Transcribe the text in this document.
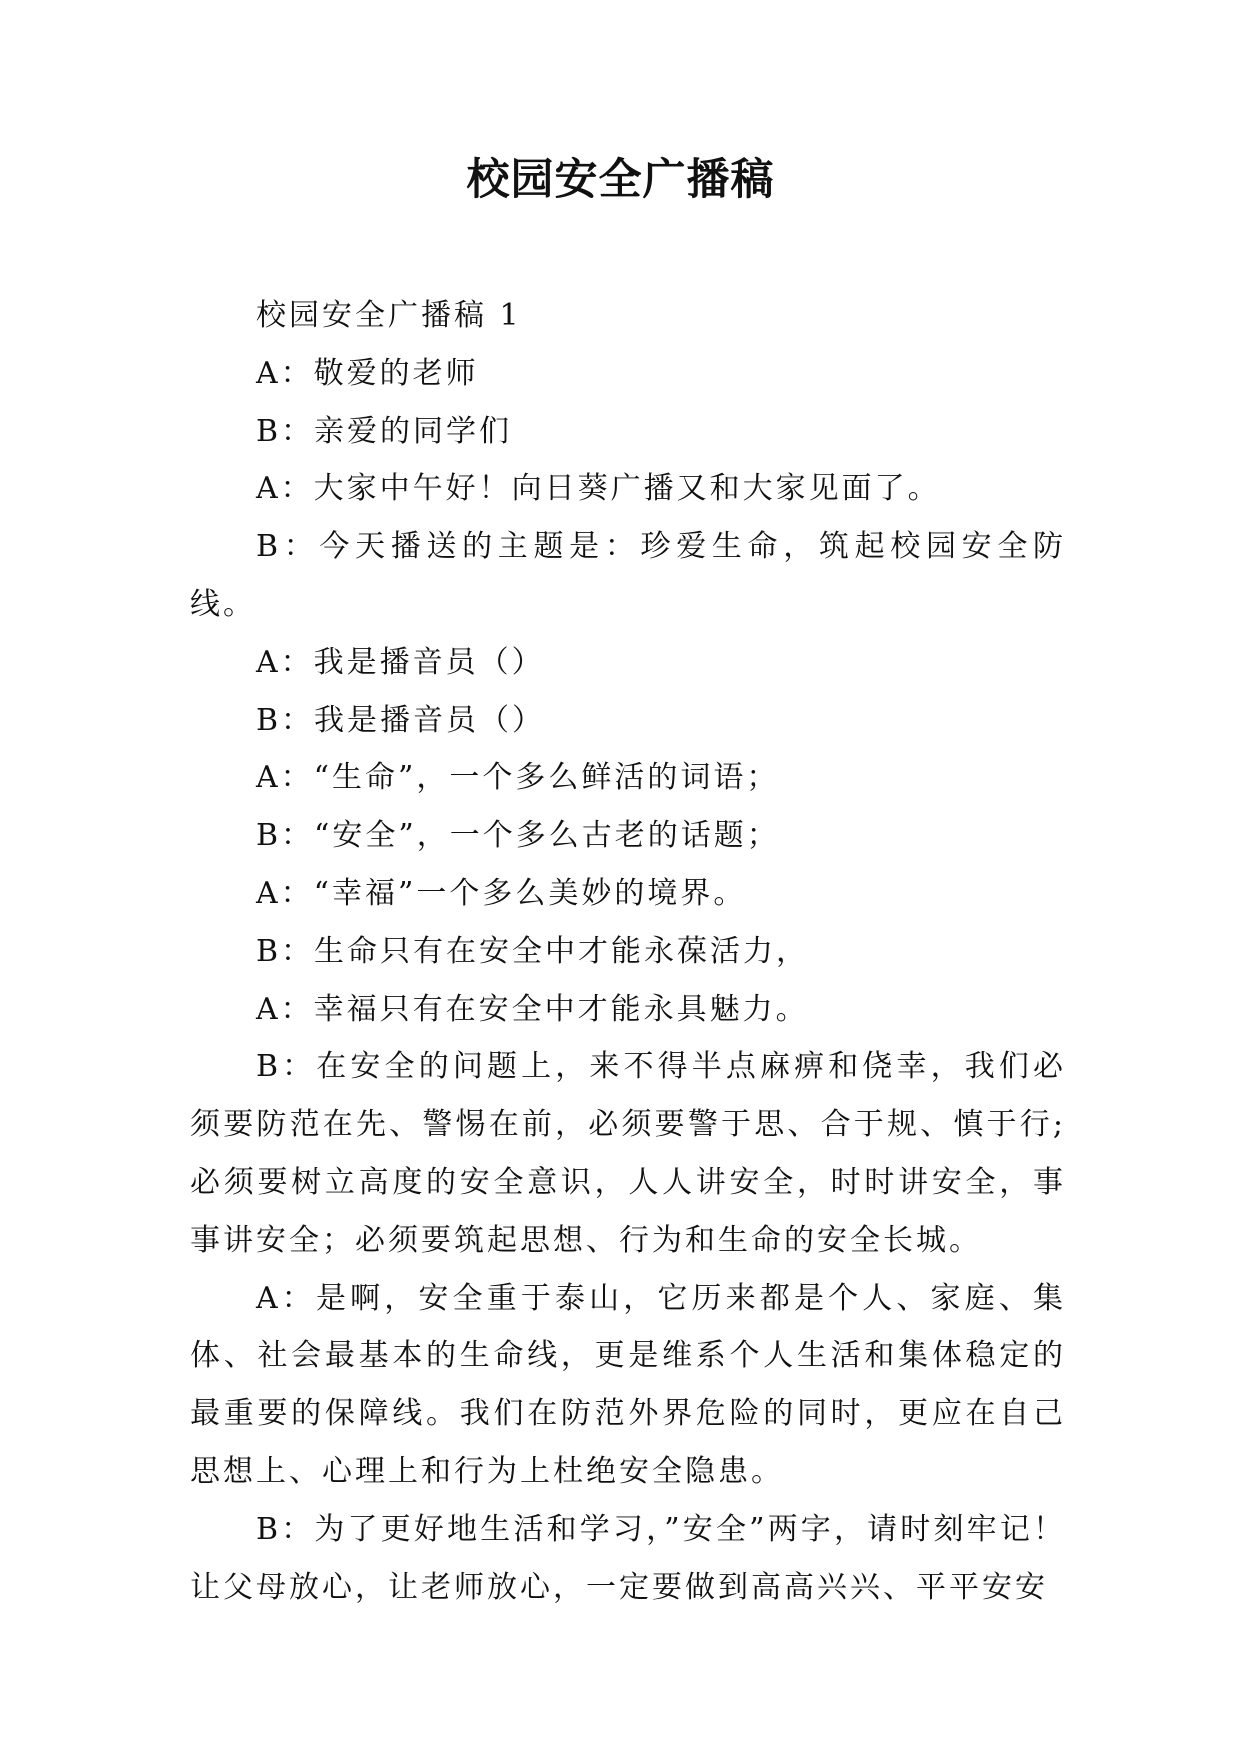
校园安全广播稿

校园安全广播稿 1

A：敬爱的老师

B：亲爱的同学们

A：大家中午好！向日葵广播又和大家见面了。

B：今天播送的主题是：珍爱生命，筑起校园安全防线。

A：我是播音员（）

B：我是播音员（）

A：“生命”，一个多么鲜活的词语；

B：“安全”，一个多么古老的话题；

A：“幸福”一个多么美妙的境界。

B：生命只有在安全中才能永葆活力，

A：幸福只有在安全中才能永具魅力。

B：在安全的问题上，来不得半点麻痹和侥幸，我们必须要防范在先、警惕在前，必须要警于思、合于规、慎于行;必须要树立高度的安全意识，人人讲安全，时时讲安全，事事讲安全；必须要筑起思想、行为和生命的安全长城。

A：是啊，安全重于泰山，它历来都是个人、家庭、集体、社会最基本的生命线，更是维系个人生活和集体稳定的最重要的保障线。我们在防范外界危险的同时，更应在自己思想上、心理上和行为上杜绝安全隐患。

B：为了更好地生活和学习，”安全”两字，请时刻牢记！让父母放心，让老师放心，一定要做到高高兴兴、平平安安
